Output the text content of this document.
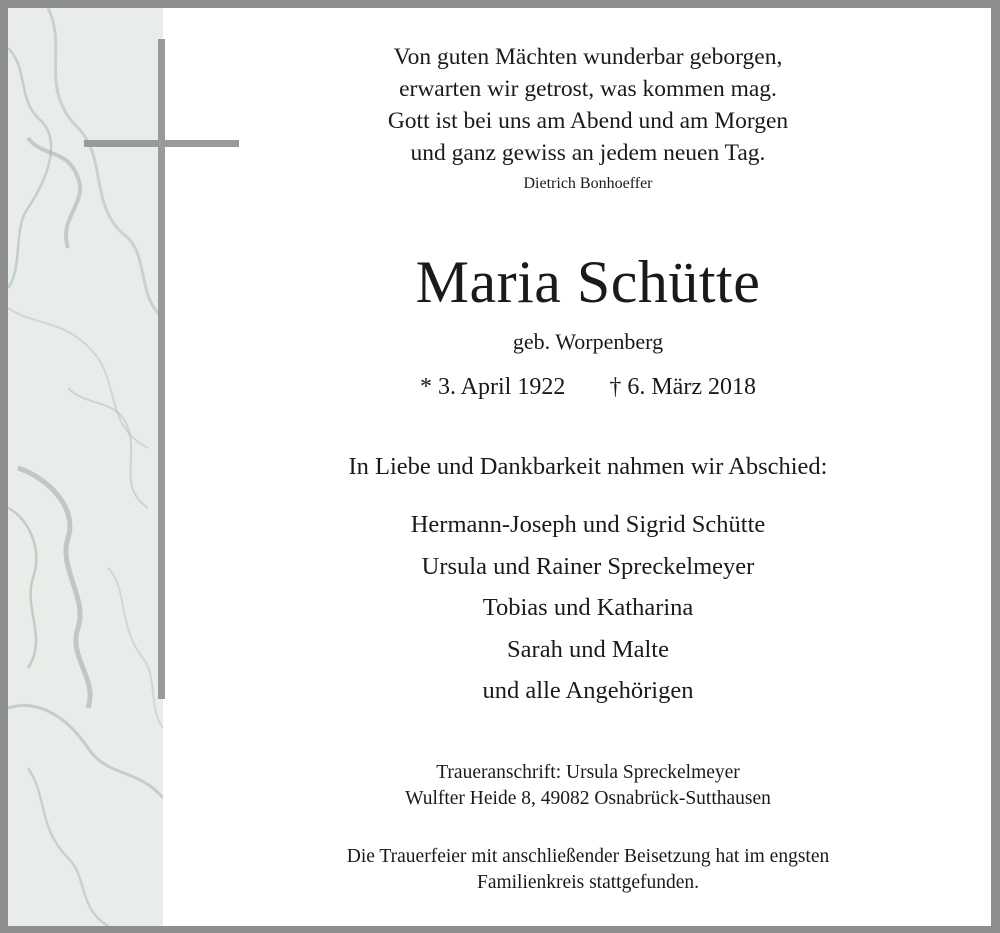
Von guten Mächten wunderbar geborgen,
erwarten wir getrost, was kommen mag.
Gott ist bei uns am Abend und am Morgen
und ganz gewiss an jedem neuen Tag.
Dietrich Bonhoeffer
Maria Schütte
geb. Worpenberg
* 3. April 1922 † 6. März 2018
In Liebe und Dankbarkeit nahmen wir Abschied:
Hermann-Joseph und Sigrid Schütte
Ursula und Rainer Spreckelmeyer
Tobias und Katharina
Sarah und Malte
und alle Angehörigen
Traueranschrift: Ursula Spreckelmeyer
Wulfter Heide 8, 49082 Osnabrück-Sutthausen
Die Trauerfeier mit anschließender Beisetzung hat im engsten
Familienkreis stattgefunden.
